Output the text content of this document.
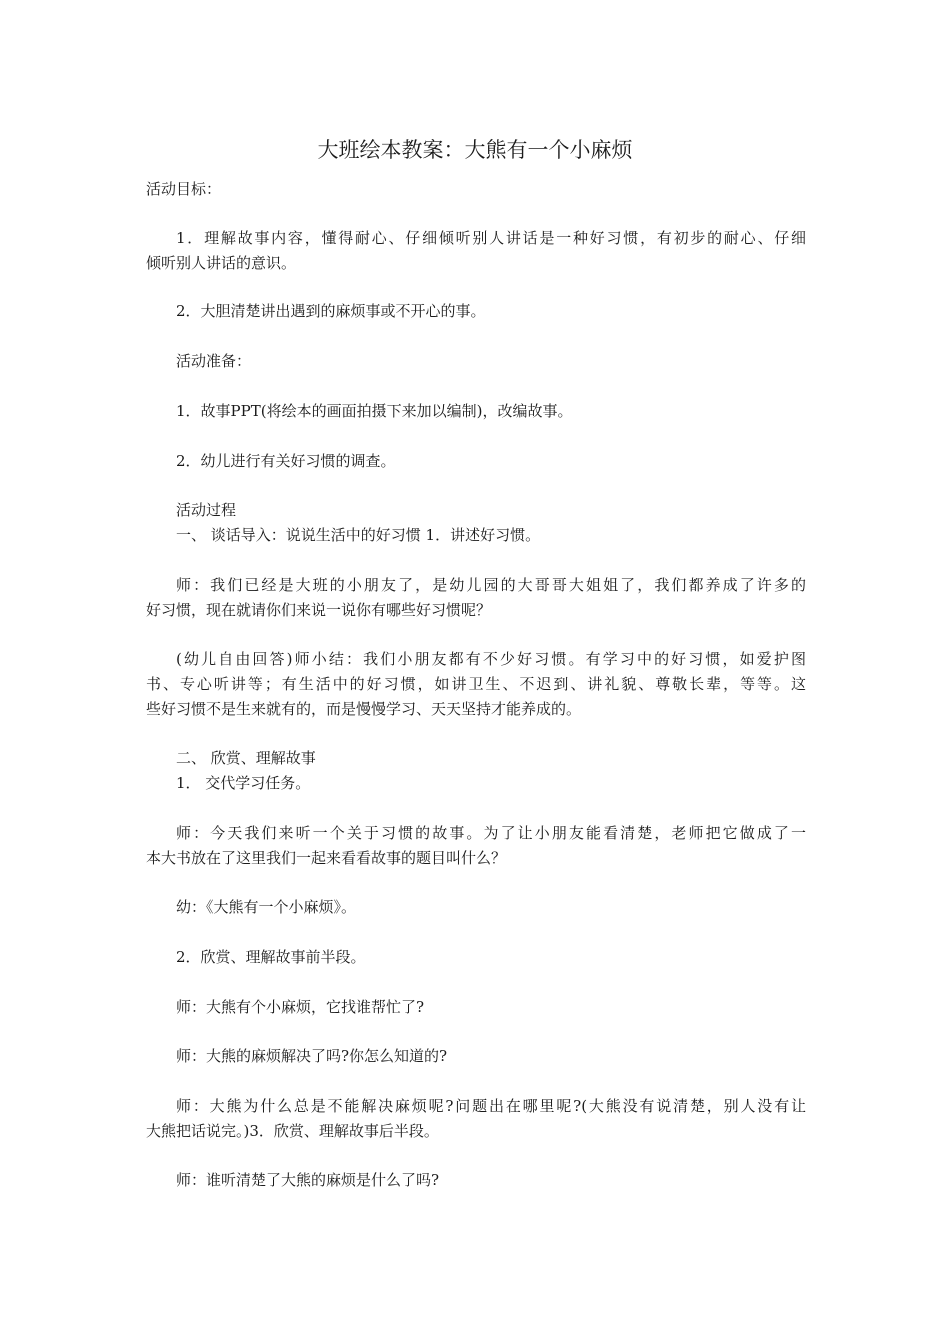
大班绘本教案：大熊有一个小麻烦
活动目标：
1．理解故事内容，懂得耐心、仔细倾听别人讲话是一种好习惯，有初步的耐心、仔细
倾听别人讲话的意识。
2．大胆清楚讲出遇到的麻烦事或不开心的事。
活动准备：
1．故事PPT(将绘本的画面拍摄下来加以编制)，改编故事。
2．幼儿进行有关好习惯的调查。
活动过程
一、 谈话导入：说说生活中的好习惯 1．讲述好习惯。
师：我们已经是大班的小朋友了，是幼儿园的大哥哥大姐姐了，我们都养成了许多的
好习惯，现在就请你们来说一说你有哪些好习惯呢？
(幼儿自由回答)师小结：我们小朋友都有不少好习惯。有学习中的好习惯，如爱护图
书、专心听讲等；有生活中的好习惯，如讲卫生、不迟到、讲礼貌、尊敬长辈，等等。这
些好习惯不是生来就有的，而是慢慢学习、天天坚持才能养成的。
二、 欣赏、理解故事
1． 交代学习任务。
师：今天我们来听一个关于习惯的故事。为了让小朋友能看清楚，老师把它做成了一
本大书放在了这里我们一起来看看故事的题目叫什么？
幼：《大熊有一个小麻烦》。
2．欣赏、理解故事前半段。
师：大熊有个小麻烦，它找谁帮忙了?
师：大熊的麻烦解决了吗?你怎么知道的?
师：大熊为什么总是不能解决麻烦呢?问题出在哪里呢?(大熊没有说清楚，别人没有让
大熊把话说完。)3．欣赏、理解故事后半段。
师：谁听清楚了大熊的麻烦是什么了吗?
